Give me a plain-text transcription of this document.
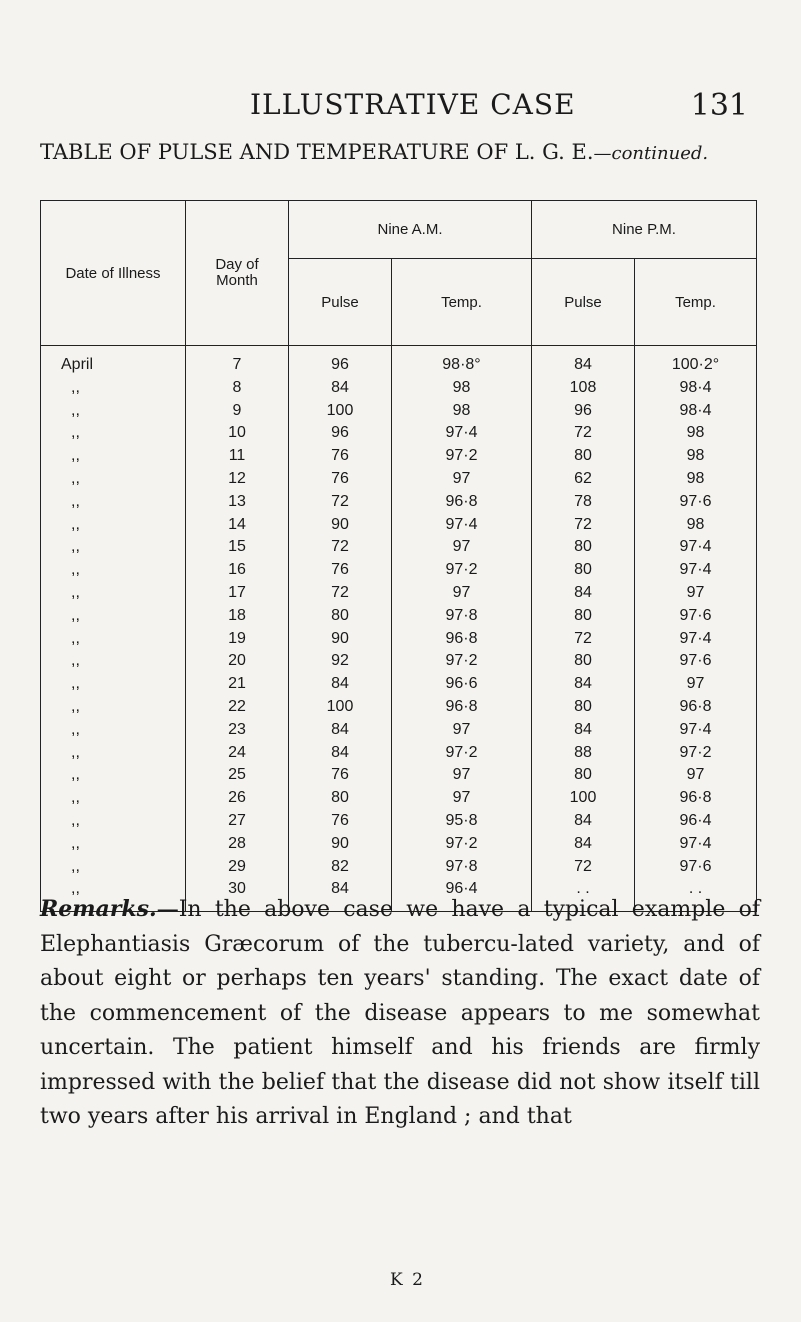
ILLUSTRATIVE CASE	131
TABLE OF PULSE AND TEMPERATURE OF L. G. E.—continued.
Date of Illness	Day of Month	Nine A.M.		Nine P.M.	
		Pulse	Temp.	Pulse	Temp.
April	7	96	98·8°	84	100·2°
,,	8	84	98	108	98·4
,,	9	100	98	96	98·4
,,	10	96	97·4	72	98
,,	11	76	97·2	80	98
,,	12	76	97	62	98
,,	13	72	96·8	78	97·6
,,	14	90	97·4	72	98
,,	15	72	97	80	97·4
,,	16	76	97·2	80	97·4
,,	17	72	97	84	97
,,	18	80	97·8	80	97·6
,,	19	90	96·8	72	97·4
,,	20	92	97·2	80	97·6
,,	21	84	96·6	84	97
,,	22	100	96·8	80	96·8
,,	23	84	97	84	97·4
,,	24	84	97·2	88	97·2
,,	25	76	97	80	97
,,	26	80	97	100	96·8
,,	27	76	95·8	84	96·4
,,	28	90	97·2	84	97·4
,,	29	82	97·8	72	97·6
,,	30	84	96·4	. .	. .
Remarks.—In the above case we have a typical example of Elephantiasis Græcorum of the tubercu-lated variety, and of about eight or perhaps ten years' standing. The exact date of the commencement of the disease appears to me somewhat uncertain. The patient himself and his friends are firmly impressed with the belief that the disease did not show itself till two years after his arrival in England ; and that
K 2
